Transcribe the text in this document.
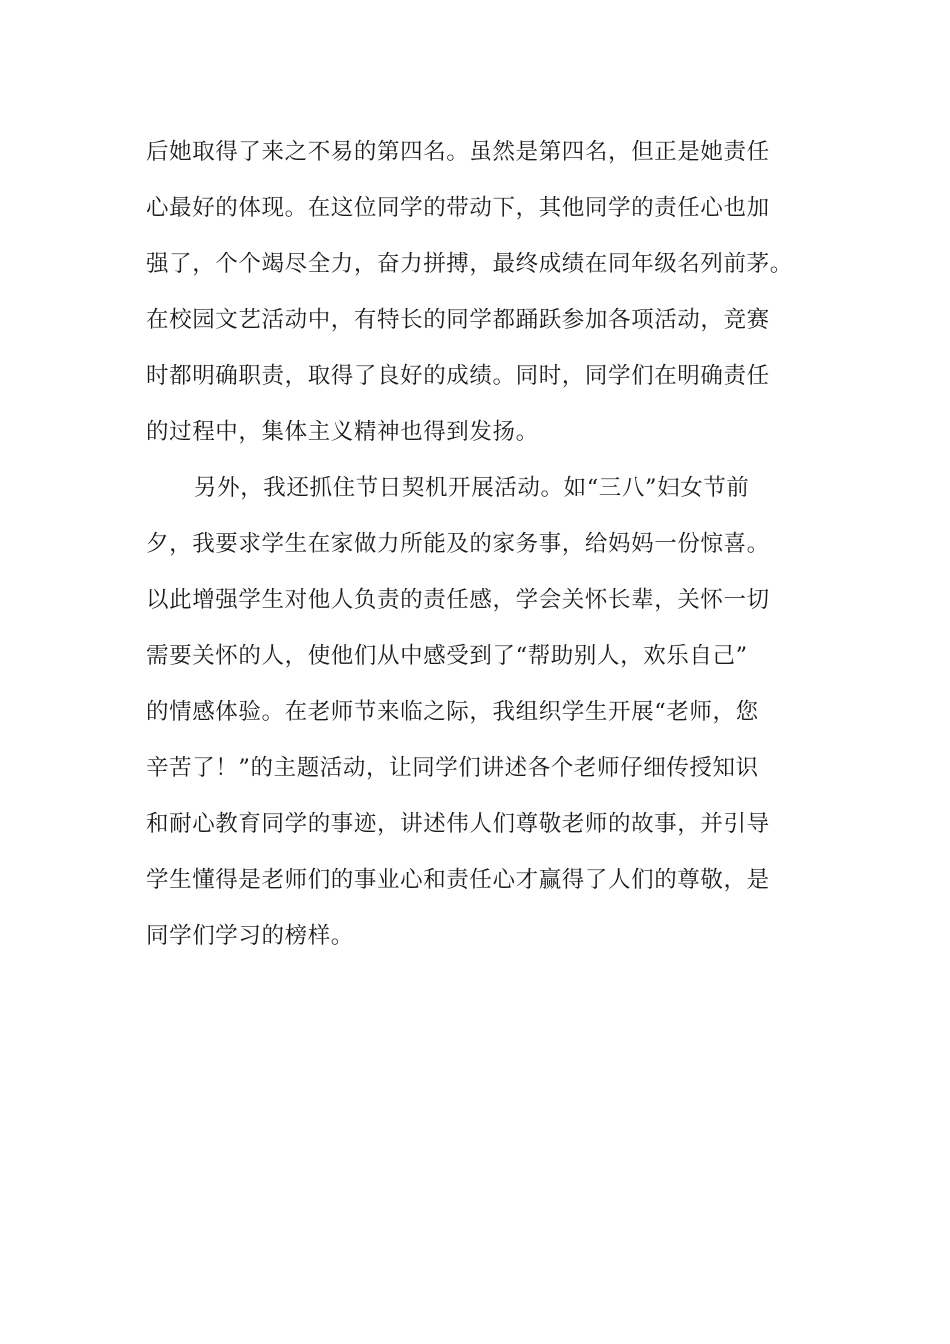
后她取得了来之不易的第四名。虽然是第四名，但正是她责任

心最好的体现。在这位同学的带动下，其他同学的责任心也加

强了，个个竭尽全力，奋力拼搏，最终成绩在同年级名列前茅。

在校园文艺活动中，有特长的同学都踊跃参加各项活动，竞赛

时都明确职责，取得了良好的成绩。同时，同学们在明确责任

的过程中，集体主义精神也得到发扬。

另外，我还抓住节日契机开展活动。如“三八”妇女节前

夕，我要求学生在家做力所能及的家务事，给妈妈一份惊喜。

以此增强学生对他人负责的责任感，学会关怀长辈，关怀一切

需要关怀的人，使他们从中感受到了“帮助别人，欢乐自己”

的情感体验。在老师节来临之际，我组织学生开展“老师，您

辛苦了！”的主题活动，让同学们讲述各个老师仔细传授知识

和耐心教育同学的事迹，讲述伟人们尊敬老师的故事，并引导

学生懂得是老师们的事业心和责任心才赢得了人们的尊敬，是

同学们学习的榜样。
